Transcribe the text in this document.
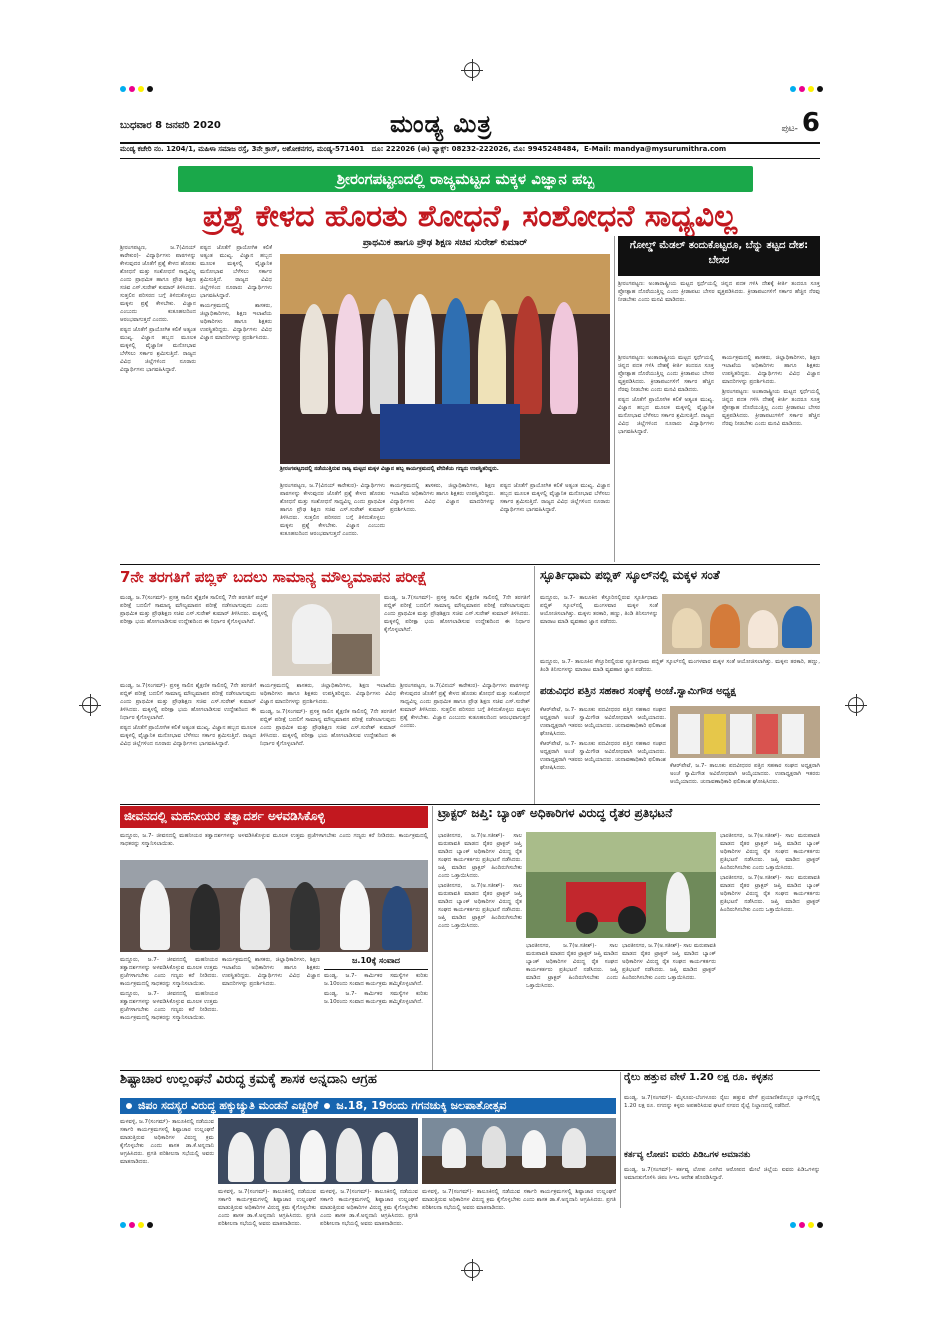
ಬುಧವಾರ 8 ಜನವರಿ 2020	ಮಂಡ್ಯ ಮಿತ್ರ	ಪುಟ- 6
ಮಂಡ್ಯ ಕಚೇರಿ ನಂ. 1204/1, ಮಹಿಳಾ ಸಮಾಜ ರಸ್ತೆ, 3ನೇ ಕ್ರಾಸ್, ಅಶೋಕನಗರ, ಮಂಡ್ಯ-571401 ದೂ: 222026 (ಈ) ಫ್ಯಾಕ್ಸ್: 08232-222026, ಮೊ: 9945248484, E-Mail: mandya@mysurumithra.com
ಶ್ರೀರಂಗಪಟ್ಟಣದಲ್ಲಿ ರಾಜ್ಯಮಟ್ಟದ ಮಕ್ಕಳ ವಿಜ್ಞಾನ ಹಬ್ಬ
ಪ್ರಶ್ನೆ ಕೇಳದ ಹೊರತು ಶೋಧನೆ, ಸಂಶೋಧನೆ ಸಾಧ್ಯವಿಲ್ಲ

ಶ್ರೀರಂಗಪಟ್ಟಣ, ಜ.7(ವಿನಯ್ ಕಾರೇಕುರ)- ವಿದ್ಯಾರ್ಥಿಗಳು ಪಾಠಗಳನ್ನು ಕೇಳುವುದರ ಜೊತೆಗೆ ಪ್ರಶ್ನೆ ಕೇಳದ ಹೊರತು ಶೋಧನೆ ಮತ್ತು ಸಂಶೋಧನೆ ಸಾಧ್ಯವಿಲ್ಲ ಎಂದು ಪ್ರಾಥಮಿಕ ಹಾಗೂ ಪ್ರೌಢ ಶಿಕ್ಷಣ ಸಚಿವ ಎಸ್.ಸುರೇಶ್ ಕುಮಾರ್ ತಿಳಿಸಿದರು. ಸುತ್ತಲಿನ ಪರಿಸರದ ಬಗ್ಗೆ ತಿಳಿದುಕೊಳ್ಳಲು ಮಕ್ಕಳು ಪ್ರಶ್ನೆ ಕೇಳಬೇಕು. ವಿಜ್ಞಾನ ಎಂಬುದು ಕುತೂಹಲದಿಂದ ಆರಂಭವಾಗುತ್ತದೆ ಎಂದರು.

ಪಠ್ಯದ ಜೊತೆಗೆ ಪ್ರಾಯೋಗಿಕ ಕಲಿಕೆ ಅತ್ಯಂತ ಮುಖ್ಯ. ವಿಜ್ಞಾನ ಹಬ್ಬದ ಮೂಲಕ ಮಕ್ಕಳಲ್ಲಿ ವೈಜ್ಞಾನಿಕ ಮನೋಭಾವ ಬೆಳೆಸಲು ಸರ್ಕಾರ ಶ್ರಮಿಸುತ್ತಿದೆ. ರಾಜ್ಯದ ವಿವಿಧ ಜಿಲ್ಲೆಗಳಿಂದ ನೂರಾರು ವಿದ್ಯಾರ್ಥಿಗಳು ಭಾಗವಹಿಸಿದ್ದಾರೆ.

ಪಠ್ಯದ ಜೊತೆಗೆ ಪ್ರಾಯೋಗಿಕ ಕಲಿಕೆ ಅತ್ಯಂತ ಮುಖ್ಯ. ವಿಜ್ಞಾನ ಹಬ್ಬದ ಮೂಲಕ ಮಕ್ಕಳಲ್ಲಿ ವೈಜ್ಞಾನಿಕ ಮನೋಭಾವ ಬೆಳೆಸಲು ಸರ್ಕಾರ ಶ್ರಮಿಸುತ್ತಿದೆ. ರಾಜ್ಯದ ವಿವಿಧ ಜಿಲ್ಲೆಗಳಿಂದ ನೂರಾರು ವಿದ್ಯಾರ್ಥಿಗಳು ಭಾಗವಹಿಸಿದ್ದಾರೆ.

ಕಾರ್ಯಕ್ರಮದಲ್ಲಿ ಶಾಸಕರು, ಜಿಲ್ಲಾಧಿಕಾರಿಗಳು, ಶಿಕ್ಷಣ ಇಲಾಖೆಯ ಅಧಿಕಾರಿಗಳು ಹಾಗೂ ಶಿಕ್ಷಕರು ಉಪಸ್ಥಿತರಿದ್ದರು. ವಿದ್ಯಾರ್ಥಿಗಳು ವಿವಿಧ ವಿಜ್ಞಾನ ಮಾದರಿಗಳನ್ನು ಪ್ರದರ್ಶಿಸಿದರು.

ಪ್ರಾಥಮಿಕ ಹಾಗೂ ಪ್ರೌಢ ಶಿಕ್ಷಣ ಸಚಿವ ಸುರೇಶ್ ಕುಮಾರ್
ಶ್ರೀರಂಗಪಟ್ಟಣದಲ್ಲಿ ನಡೆಯುತ್ತಿರುವ ರಾಜ್ಯ ಮಟ್ಟದ ಮಕ್ಕಳ ವಿಜ್ಞಾನ ಹಬ್ಬ ಕಾರ್ಯಕ್ರಮದಲ್ಲಿ ವೇದಿಕೆಯ ಗಣ್ಯರು ಉಪಸ್ಥಿತರಿದ್ದರು.

ಶ್ರೀರಂಗಪಟ್ಟಣ, ಜ.7(ವಿನಯ್ ಕಾರೇಕುರ)- ವಿದ್ಯಾರ್ಥಿಗಳು ಪಾಠಗಳನ್ನು ಕೇಳುವುದರ ಜೊತೆಗೆ ಪ್ರಶ್ನೆ ಕೇಳದ ಹೊರತು ಶೋಧನೆ ಮತ್ತು ಸಂಶೋಧನೆ ಸಾಧ್ಯವಿಲ್ಲ ಎಂದು ಪ್ರಾಥಮಿಕ ಹಾಗೂ ಪ್ರೌಢ ಶಿಕ್ಷಣ ಸಚಿವ ಎಸ್.ಸುರೇಶ್ ಕುಮಾರ್ ತಿಳಿಸಿದರು. ಸುತ್ತಲಿನ ಪರಿಸರದ ಬಗ್ಗೆ ತಿಳಿದುಕೊಳ್ಳಲು ಮಕ್ಕಳು ಪ್ರಶ್ನೆ ಕೇಳಬೇಕು. ವಿಜ್ಞಾನ ಎಂಬುದು ಕುತೂಹಲದಿಂದ ಆರಂಭವಾಗುತ್ತದೆ ಎಂದರು.

ಕಾರ್ಯಕ್ರಮದಲ್ಲಿ ಶಾಸಕರು, ಜಿಲ್ಲಾಧಿಕಾರಿಗಳು, ಶಿಕ್ಷಣ ಇಲಾಖೆಯ ಅಧಿಕಾರಿಗಳು ಹಾಗೂ ಶಿಕ್ಷಕರು ಉಪಸ್ಥಿತರಿದ್ದರು. ವಿದ್ಯಾರ್ಥಿಗಳು ವಿವಿಧ ವಿಜ್ಞಾನ ಮಾದರಿಗಳನ್ನು ಪ್ರದರ್ಶಿಸಿದರು.

ಪಠ್ಯದ ಜೊತೆಗೆ ಪ್ರಾಯೋಗಿಕ ಕಲಿಕೆ ಅತ್ಯಂತ ಮುಖ್ಯ. ವಿಜ್ಞಾನ ಹಬ್ಬದ ಮೂಲಕ ಮಕ್ಕಳಲ್ಲಿ ವೈಜ್ಞಾನಿಕ ಮನೋಭಾವ ಬೆಳೆಸಲು ಸರ್ಕಾರ ಶ್ರಮಿಸುತ್ತಿದೆ. ರಾಜ್ಯದ ವಿವಿಧ ಜಿಲ್ಲೆಗಳಿಂದ ನೂರಾರು ವಿದ್ಯಾರ್ಥಿಗಳು ಭಾಗವಹಿಸಿದ್ದಾರೆ.

ಗೋಲ್ಡ್ ಮೆಡಲ್ ತಂದುಕೊಟ್ಟರೂ, ಬೆನ್ನು ತಟ್ಟದ ದೇಶ: ಬೇಸರ

ಶ್ರೀರಂಗಪಟ್ಟಣ: ಅಂತಾರಾಷ್ಟ್ರೀಯ ಮಟ್ಟದ ಸ್ಪರ್ಧೆಯಲ್ಲಿ ಚಿನ್ನದ ಪದಕ ಗಳಿಸಿ ದೇಶಕ್ಕೆ ಕೀರ್ತಿ ತಂದರೂ ಸೂಕ್ತ ಪ್ರೋತ್ಸಾಹ ದೊರೆಯುತ್ತಿಲ್ಲ ಎಂದು ಕ್ರೀಡಾಪಟು ಬೇಸರ ವ್ಯಕ್ತಪಡಿಸಿದರು. ಕ್ರೀಡಾಪಟುಗಳಿಗೆ ಸರ್ಕಾರ ಹೆಚ್ಚಿನ ನೆರವು ನೀಡಬೇಕು ಎಂದು ಮನವಿ ಮಾಡಿದರು.

ಶ್ರೀರಂಗಪಟ್ಟಣ: ಅಂತಾರಾಷ್ಟ್ರೀಯ ಮಟ್ಟದ ಸ್ಪರ್ಧೆಯಲ್ಲಿ ಚಿನ್ನದ ಪದಕ ಗಳಿಸಿ ದೇಶಕ್ಕೆ ಕೀರ್ತಿ ತಂದರೂ ಸೂಕ್ತ ಪ್ರೋತ್ಸಾಹ ದೊರೆಯುತ್ತಿಲ್ಲ ಎಂದು ಕ್ರೀಡಾಪಟು ಬೇಸರ ವ್ಯಕ್ತಪಡಿಸಿದರು. ಕ್ರೀಡಾಪಟುಗಳಿಗೆ ಸರ್ಕಾರ ಹೆಚ್ಚಿನ ನೆರವು ನೀಡಬೇಕು ಎಂದು ಮನವಿ ಮಾಡಿದರು.

ಪಠ್ಯದ ಜೊತೆಗೆ ಪ್ರಾಯೋಗಿಕ ಕಲಿಕೆ ಅತ್ಯಂತ ಮುಖ್ಯ. ವಿಜ್ಞಾನ ಹಬ್ಬದ ಮೂಲಕ ಮಕ್ಕಳಲ್ಲಿ ವೈಜ್ಞಾನಿಕ ಮನೋಭಾವ ಬೆಳೆಸಲು ಸರ್ಕಾರ ಶ್ರಮಿಸುತ್ತಿದೆ. ರಾಜ್ಯದ ವಿವಿಧ ಜಿಲ್ಲೆಗಳಿಂದ ನೂರಾರು ವಿದ್ಯಾರ್ಥಿಗಳು ಭಾಗವಹಿಸಿದ್ದಾರೆ.

ಕಾರ್ಯಕ್ರಮದಲ್ಲಿ ಶಾಸಕರು, ಜಿಲ್ಲಾಧಿಕಾರಿಗಳು, ಶಿಕ್ಷಣ ಇಲಾಖೆಯ ಅಧಿಕಾರಿಗಳು ಹಾಗೂ ಶಿಕ್ಷಕರು ಉಪಸ್ಥಿತರಿದ್ದರು. ವಿದ್ಯಾರ್ಥಿಗಳು ವಿವಿಧ ವಿಜ್ಞಾನ ಮಾದರಿಗಳನ್ನು ಪ್ರದರ್ಶಿಸಿದರು.

ಶ್ರೀರಂಗಪಟ್ಟಣ: ಅಂತಾರಾಷ್ಟ್ರೀಯ ಮಟ್ಟದ ಸ್ಪರ್ಧೆಯಲ್ಲಿ ಚಿನ್ನದ ಪದಕ ಗಳಿಸಿ ದೇಶಕ್ಕೆ ಕೀರ್ತಿ ತಂದರೂ ಸೂಕ್ತ ಪ್ರೋತ್ಸಾಹ ದೊರೆಯುತ್ತಿಲ್ಲ ಎಂದು ಕ್ರೀಡಾಪಟು ಬೇಸರ ವ್ಯಕ್ತಪಡಿಸಿದರು. ಕ್ರೀಡಾಪಟುಗಳಿಗೆ ಸರ್ಕಾರ ಹೆಚ್ಚಿನ ನೆರವು ನೀಡಬೇಕು ಎಂದು ಮನವಿ ಮಾಡಿದರು.

7ನೇ ತರಗತಿಗೆ ಪಬ್ಲಿಕ್ ಬದಲು ಸಾಮಾನ್ಯ ಮೌಲ್ಯಮಾಪನ ಪರೀಕ್ಷೆ

ಮಂಡ್ಯ, ಜ.7(ಸಂಗಮ್)- ಪ್ರಸಕ್ತ ಸಾಲಿನ ಶೈಕ್ಷಣಿಕ ಸಾಲಿನಲ್ಲಿ 7ನೇ ತರಗತಿಗೆ ಪಬ್ಲಿಕ್ ಪರೀಕ್ಷೆ ಬದಲಿಗೆ ಸಾಮಾನ್ಯ ಮೌಲ್ಯಮಾಪನ ಪರೀಕ್ಷೆ ನಡೆಸಲಾಗುವುದು ಎಂದು ಪ್ರಾಥಮಿಕ ಮತ್ತು ಪ್ರೌಢಶಿಕ್ಷಣ ಸಚಿವ ಎಸ್.ಸುರೇಶ್ ಕುಮಾರ್ ತಿಳಿಸಿದರು. ಮಕ್ಕಳಲ್ಲಿ ಪರೀಕ್ಷಾ ಭಯ ಹೋಗಲಾಡಿಸುವ ಉದ್ದೇಶದಿಂದ ಈ ನಿರ್ಧಾರ ಕೈಗೊಳ್ಳಲಾಗಿದೆ.

ಮಂಡ್ಯ, ಜ.7(ಸಂಗಮ್)- ಪ್ರಸಕ್ತ ಸಾಲಿನ ಶೈಕ್ಷಣಿಕ ಸಾಲಿನಲ್ಲಿ 7ನೇ ತರಗತಿಗೆ ಪಬ್ಲಿಕ್ ಪರೀಕ್ಷೆ ಬದಲಿಗೆ ಸಾಮಾನ್ಯ ಮೌಲ್ಯಮಾಪನ ಪರೀಕ್ಷೆ ನಡೆಸಲಾಗುವುದು ಎಂದು ಪ್ರಾಥಮಿಕ ಮತ್ತು ಪ್ರೌಢಶಿಕ್ಷಣ ಸಚಿವ ಎಸ್.ಸುರೇಶ್ ಕುಮಾರ್ ತಿಳಿಸಿದರು. ಮಕ್ಕಳಲ್ಲಿ ಪರೀಕ್ಷಾ ಭಯ ಹೋಗಲಾಡಿಸುವ ಉದ್ದೇಶದಿಂದ ಈ ನಿರ್ಧಾರ ಕೈಗೊಳ್ಳಲಾಗಿದೆ.

ಮಂಡ್ಯ, ಜ.7(ಸಂಗಮ್)- ಪ್ರಸಕ್ತ ಸಾಲಿನ ಶೈಕ್ಷಣಿಕ ಸಾಲಿನಲ್ಲಿ 7ನೇ ತರಗತಿಗೆ ಪಬ್ಲಿಕ್ ಪರೀಕ್ಷೆ ಬದಲಿಗೆ ಸಾಮಾನ್ಯ ಮೌಲ್ಯಮಾಪನ ಪರೀಕ್ಷೆ ನಡೆಸಲಾಗುವುದು ಎಂದು ಪ್ರಾಥಮಿಕ ಮತ್ತು ಪ್ರೌಢಶಿಕ್ಷಣ ಸಚಿವ ಎಸ್.ಸುರೇಶ್ ಕುಮಾರ್ ತಿಳಿಸಿದರು. ಮಕ್ಕಳಲ್ಲಿ ಪರೀಕ್ಷಾ ಭಯ ಹೋಗಲಾಡಿಸುವ ಉದ್ದೇಶದಿಂದ ಈ ನಿರ್ಧಾರ ಕೈಗೊಳ್ಳಲಾಗಿದೆ.

ಪಠ್ಯದ ಜೊತೆಗೆ ಪ್ರಾಯೋಗಿಕ ಕಲಿಕೆ ಅತ್ಯಂತ ಮುಖ್ಯ. ವಿಜ್ಞಾನ ಹಬ್ಬದ ಮೂಲಕ ಮಕ್ಕಳಲ್ಲಿ ವೈಜ್ಞಾನಿಕ ಮನೋಭಾವ ಬೆಳೆಸಲು ಸರ್ಕಾರ ಶ್ರಮಿಸುತ್ತಿದೆ. ರಾಜ್ಯದ ವಿವಿಧ ಜಿಲ್ಲೆಗಳಿಂದ ನೂರಾರು ವಿದ್ಯಾರ್ಥಿಗಳು ಭಾಗವಹಿಸಿದ್ದಾರೆ.

ಕಾರ್ಯಕ್ರಮದಲ್ಲಿ ಶಾಸಕರು, ಜಿಲ್ಲಾಧಿಕಾರಿಗಳು, ಶಿಕ್ಷಣ ಇಲಾಖೆಯ ಅಧಿಕಾರಿಗಳು ಹಾಗೂ ಶಿಕ್ಷಕರು ಉಪಸ್ಥಿತರಿದ್ದರು. ವಿದ್ಯಾರ್ಥಿಗಳು ವಿವಿಧ ವಿಜ್ಞಾನ ಮಾದರಿಗಳನ್ನು ಪ್ರದರ್ಶಿಸಿದರು.

ಮಂಡ್ಯ, ಜ.7(ಸಂಗಮ್)- ಪ್ರಸಕ್ತ ಸಾಲಿನ ಶೈಕ್ಷಣಿಕ ಸಾಲಿನಲ್ಲಿ 7ನೇ ತರಗತಿಗೆ ಪಬ್ಲಿಕ್ ಪರೀಕ್ಷೆ ಬದಲಿಗೆ ಸಾಮಾನ್ಯ ಮೌಲ್ಯಮಾಪನ ಪರೀಕ್ಷೆ ನಡೆಸಲಾಗುವುದು ಎಂದು ಪ್ರಾಥಮಿಕ ಮತ್ತು ಪ್ರೌಢಶಿಕ್ಷಣ ಸಚಿವ ಎಸ್.ಸುರೇಶ್ ಕುಮಾರ್ ತಿಳಿಸಿದರು. ಮಕ್ಕಳಲ್ಲಿ ಪರೀಕ್ಷಾ ಭಯ ಹೋಗಲಾಡಿಸುವ ಉದ್ದೇಶದಿಂದ ಈ ನಿರ್ಧಾರ ಕೈಗೊಳ್ಳಲಾಗಿದೆ.

ಶ್ರೀರಂಗಪಟ್ಟಣ, ಜ.7(ವಿನಯ್ ಕಾರೇಕುರ)- ವಿದ್ಯಾರ್ಥಿಗಳು ಪಾಠಗಳನ್ನು ಕೇಳುವುದರ ಜೊತೆಗೆ ಪ್ರಶ್ನೆ ಕೇಳದ ಹೊರತು ಶೋಧನೆ ಮತ್ತು ಸಂಶೋಧನೆ ಸಾಧ್ಯವಿಲ್ಲ ಎಂದು ಪ್ರಾಥಮಿಕ ಹಾಗೂ ಪ್ರೌಢ ಶಿಕ್ಷಣ ಸಚಿವ ಎಸ್.ಸುರೇಶ್ ಕುಮಾರ್ ತಿಳಿಸಿದರು. ಸುತ್ತಲಿನ ಪರಿಸರದ ಬಗ್ಗೆ ತಿಳಿದುಕೊಳ್ಳಲು ಮಕ್ಕಳು ಪ್ರಶ್ನೆ ಕೇಳಬೇಕು. ವಿಜ್ಞಾನ ಎಂಬುದು ಕುತೂಹಲದಿಂದ ಆರಂಭವಾಗುತ್ತದೆ ಎಂದರು.

ಸ್ಫೂರ್ತಿಧಾಮ ಪಬ್ಲಿಕ್ ಸ್ಕೂಲ್‌ನಲ್ಲಿ ಮಕ್ಕಳ ಸಂತೆ

ಮದ್ದೂರು, ಜ.7- ತಾಲೂಕಿನ ಕೆಸ್ತೂರಿನಲ್ಲಿರುವ ಸ್ಫೂರ್ತಿಧಾಮ ಪಬ್ಲಿಕ್ ಸ್ಕೂಲ್‌ನಲ್ಲಿ ಮಂಗಳವಾರ ಮಕ್ಕಳ ಸಂತೆ ಆಯೋಜಿಸಲಾಗಿತ್ತು. ಮಕ್ಕಳು ತರಕಾರಿ, ಹಣ್ಣು, ತಿಂಡಿ ತಿನಿಸುಗಳನ್ನು ಮಾರಾಟ ಮಾಡಿ ವ್ಯವಹಾರ ಜ್ಞಾನ ಪಡೆದರು.

ಮದ್ದೂರು, ಜ.7- ತಾಲೂಕಿನ ಕೆಸ್ತೂರಿನಲ್ಲಿರುವ ಸ್ಫೂರ್ತಿಧಾಮ ಪಬ್ಲಿಕ್ ಸ್ಕೂಲ್‌ನಲ್ಲಿ ಮಂಗಳವಾರ ಮಕ್ಕಳ ಸಂತೆ ಆಯೋಜಿಸಲಾಗಿತ್ತು. ಮಕ್ಕಳು ತರಕಾರಿ, ಹಣ್ಣು, ತಿಂಡಿ ತಿನಿಸುಗಳನ್ನು ಮಾರಾಟ ಮಾಡಿ ವ್ಯವಹಾರ ಜ್ಞಾನ ಪಡೆದರು.

ಪಡುವಿಧರ ಪತ್ತಿನ ಸಹಕಾರ ಸಂಘಕ್ಕೆ ಅಂಚೆ.ಸ್ವಾಮಿಗೌಡ ಅಧ್ಯಕ್ಷ

ಕೆಆರ್‌ಪೇಟೆ, ಜ.7- ತಾಲೂಕು ಪದವೀಧರರ ಪತ್ತಿನ ಸಹಕಾರ ಸಂಘದ ಅಧ್ಯಕ್ಷರಾಗಿ ಅಂಚೆ ಸ್ವಾಮಿಗೌಡ ಅವಿರೋಧವಾಗಿ ಆಯ್ಕೆಯಾದರು. ಉಪಾಧ್ಯಕ್ಷರಾಗಿ ಇತರರು ಆಯ್ಕೆಯಾದರು. ಚುನಾವಣಾಧಿಕಾರಿ ಫಲಿತಾಂಶ ಘೋಷಿಸಿದರು.

ಕೆಆರ್‌ಪೇಟೆ, ಜ.7- ತಾಲೂಕು ಪದವೀಧರರ ಪತ್ತಿನ ಸಹಕಾರ ಸಂಘದ ಅಧ್ಯಕ್ಷರಾಗಿ ಅಂಚೆ ಸ್ವಾಮಿಗೌಡ ಅವಿರೋಧವಾಗಿ ಆಯ್ಕೆಯಾದರು. ಉಪಾಧ್ಯಕ್ಷರಾಗಿ ಇತರರು ಆಯ್ಕೆಯಾದರು. ಚುನಾವಣಾಧಿಕಾರಿ ಫಲಿತಾಂಶ ಘೋಷಿಸಿದರು.	ಕೆಆರ್‌ಪೇಟೆ, ಜ.7- ತಾಲೂಕು ಪದವೀಧರರ ಪತ್ತಿನ ಸಹಕಾರ ಸಂಘದ ಅಧ್ಯಕ್ಷರಾಗಿ ಅಂಚೆ ಸ್ವಾಮಿಗೌಡ ಅವಿರೋಧವಾಗಿ ಆಯ್ಕೆಯಾದರು. ಉಪಾಧ್ಯಕ್ಷರಾಗಿ ಇತರರು ಆಯ್ಕೆಯಾದರು. ಚುನಾವಣಾಧಿಕಾರಿ ಫಲಿತಾಂಶ ಘೋಷಿಸಿದರು.

ಜೀವನದಲ್ಲಿ ಮಹನೀಯರ ತತ್ವಾದರ್ಶ ಅಳವಡಿಸಿಕೊಳ್ಳಿ

ಮದ್ದೂರು, ಜ.7- ಜೀವನದಲ್ಲಿ ಮಹನೀಯರ ತತ್ವಾದರ್ಶಗಳನ್ನು ಅಳವಡಿಸಿಕೊಳ್ಳುವ ಮೂಲಕ ಉತ್ತಮ ಪ್ರಜೆಗಳಾಗಬೇಕು ಎಂದು ಗಣ್ಯರು ಕರೆ ನೀಡಿದರು. ಕಾರ್ಯಕ್ರಮದಲ್ಲಿ ಸಾಧಕರನ್ನು ಸನ್ಮಾನಿಸಲಾಯಿತು.

ಮದ್ದೂರು, ಜ.7- ಜೀವನದಲ್ಲಿ ಮಹನೀಯರ ತತ್ವಾದರ್ಶಗಳನ್ನು ಅಳವಡಿಸಿಕೊಳ್ಳುವ ಮೂಲಕ ಉತ್ತಮ ಪ್ರಜೆಗಳಾಗಬೇಕು ಎಂದು ಗಣ್ಯರು ಕರೆ ನೀಡಿದರು. ಕಾರ್ಯಕ್ರಮದಲ್ಲಿ ಸಾಧಕರನ್ನು ಸನ್ಮಾನಿಸಲಾಯಿತು.

ಮದ್ದೂರು, ಜ.7- ಜೀವನದಲ್ಲಿ ಮಹನೀಯರ ತತ್ವಾದರ್ಶಗಳನ್ನು ಅಳವಡಿಸಿಕೊಳ್ಳುವ ಮೂಲಕ ಉತ್ತಮ ಪ್ರಜೆಗಳಾಗಬೇಕು ಎಂದು ಗಣ್ಯರು ಕರೆ ನೀಡಿದರು. ಕಾರ್ಯಕ್ರಮದಲ್ಲಿ ಸಾಧಕರನ್ನು ಸನ್ಮಾನಿಸಲಾಯಿತು.

ಕಾರ್ಯಕ್ರಮದಲ್ಲಿ ಶಾಸಕರು, ಜಿಲ್ಲಾಧಿಕಾರಿಗಳು, ಶಿಕ್ಷಣ ಇಲಾಖೆಯ ಅಧಿಕಾರಿಗಳು ಹಾಗೂ ಶಿಕ್ಷಕರು ಉಪಸ್ಥಿತರಿದ್ದರು. ವಿದ್ಯಾರ್ಥಿಗಳು ವಿವಿಧ ವಿಜ್ಞಾನ ಮಾದರಿಗಳನ್ನು ಪ್ರದರ್ಶಿಸಿದರು.

ಜ.10ಕ್ಕೆ ಸಂವಾದ

ಮಂಡ್ಯ, ಜ.7- ಕಾರ್ಮಿಕರ ಸಮಸ್ಯೆಗಳ ಕುರಿತು ಜ.10ರಂದು ಸಂವಾದ ಕಾರ್ಯಕ್ರಮ ಹಮ್ಮಿಕೊಳ್ಳಲಾಗಿದೆ.

ಮಂಡ್ಯ, ಜ.7- ಕಾರ್ಮಿಕರ ಸಮಸ್ಯೆಗಳ ಕುರಿತು ಜ.10ರಂದು ಸಂವಾದ ಕಾರ್ಯಕ್ರಮ ಹಮ್ಮಿಕೊಳ್ಳಲಾಗಿದೆ.

ಟ್ರಾಕ್ಟರ್ ಜಪ್ತಿ: ಬ್ಯಾಂಕ್ ಅಧಿಕಾರಿಗಳ ವಿರುದ್ಧ ರೈತರ ಪ್ರತಿಭಟನೆ

ಭಾರತೀನಗರ, ಜ.7(ಅ.ಸತೀಶ್)- ಸಾಲ ಮರುಪಾವತಿ ಮಾಡದ ರೈತರ ಟ್ರಾಕ್ಟರ್ ಜಪ್ತಿ ಮಾಡಿದ ಬ್ಯಾಂಕ್ ಅಧಿಕಾರಿಗಳ ವಿರುದ್ಧ ರೈತ ಸಂಘದ ಕಾರ್ಯಕರ್ತರು ಪ್ರತಿಭಟನೆ ನಡೆಸಿದರು. ಜಪ್ತಿ ಮಾಡಿದ ಟ್ರಾಕ್ಟರ್ ಹಿಂದಿರುಗಿಸಬೇಕು ಎಂದು ಒತ್ತಾಯಿಸಿದರು.

ಭಾರತೀನಗರ, ಜ.7(ಅ.ಸತೀಶ್)- ಸಾಲ ಮರುಪಾವತಿ ಮಾಡದ ರೈತರ ಟ್ರಾಕ್ಟರ್ ಜಪ್ತಿ ಮಾಡಿದ ಬ್ಯಾಂಕ್ ಅಧಿಕಾರಿಗಳ ವಿರುದ್ಧ ರೈತ ಸಂಘದ ಕಾರ್ಯಕರ್ತರು ಪ್ರತಿಭಟನೆ ನಡೆಸಿದರು. ಜಪ್ತಿ ಮಾಡಿದ ಟ್ರಾಕ್ಟರ್ ಹಿಂದಿರುಗಿಸಬೇಕು ಎಂದು ಒತ್ತಾಯಿಸಿದರು.

ಭಾರತೀನಗರ, ಜ.7(ಅ.ಸತೀಶ್)- ಸಾಲ ಮರುಪಾವತಿ ಮಾಡದ ರೈತರ ಟ್ರಾಕ್ಟರ್ ಜಪ್ತಿ ಮಾಡಿದ ಬ್ಯಾಂಕ್ ಅಧಿಕಾರಿಗಳ ವಿರುದ್ಧ ರೈತ ಸಂಘದ ಕಾರ್ಯಕರ್ತರು ಪ್ರತಿಭಟನೆ ನಡೆಸಿದರು. ಜಪ್ತಿ ಮಾಡಿದ ಟ್ರಾಕ್ಟರ್ ಹಿಂದಿರುಗಿಸಬೇಕು ಎಂದು ಒತ್ತಾಯಿಸಿದರು.

ಭಾರತೀನಗರ, ಜ.7(ಅ.ಸತೀಶ್)- ಸಾಲ ಮರುಪಾವತಿ ಮಾಡದ ರೈತರ ಟ್ರಾಕ್ಟರ್ ಜಪ್ತಿ ಮಾಡಿದ ಬ್ಯಾಂಕ್ ಅಧಿಕಾರಿಗಳ ವಿರುದ್ಧ ರೈತ ಸಂಘದ ಕಾರ್ಯಕರ್ತರು ಪ್ರತಿಭಟನೆ ನಡೆಸಿದರು. ಜಪ್ತಿ ಮಾಡಿದ ಟ್ರಾಕ್ಟರ್ ಹಿಂದಿರುಗಿಸಬೇಕು ಎಂದು ಒತ್ತಾಯಿಸಿದರು.

ಭಾರತೀನಗರ, ಜ.7(ಅ.ಸತೀಶ್)- ಸಾಲ ಮರುಪಾವತಿ ಮಾಡದ ರೈತರ ಟ್ರಾಕ್ಟರ್ ಜಪ್ತಿ ಮಾಡಿದ ಬ್ಯಾಂಕ್ ಅಧಿಕಾರಿಗಳ ವಿರುದ್ಧ ರೈತ ಸಂಘದ ಕಾರ್ಯಕರ್ತರು ಪ್ರತಿಭಟನೆ ನಡೆಸಿದರು. ಜಪ್ತಿ ಮಾಡಿದ ಟ್ರಾಕ್ಟರ್ ಹಿಂದಿರುಗಿಸಬೇಕು ಎಂದು ಒತ್ತಾಯಿಸಿದರು.

ಭಾರತೀನಗರ, ಜ.7(ಅ.ಸತೀಶ್)- ಸಾಲ ಮರುಪಾವತಿ ಮಾಡದ ರೈತರ ಟ್ರಾಕ್ಟರ್ ಜಪ್ತಿ ಮಾಡಿದ ಬ್ಯಾಂಕ್ ಅಧಿಕಾರಿಗಳ ವಿರುದ್ಧ ರೈತ ಸಂಘದ ಕಾರ್ಯಕರ್ತರು ಪ್ರತಿಭಟನೆ ನಡೆಸಿದರು. ಜಪ್ತಿ ಮಾಡಿದ ಟ್ರಾಕ್ಟರ್ ಹಿಂದಿರುಗಿಸಬೇಕು ಎಂದು ಒತ್ತಾಯಿಸಿದರು.

ಶಿಷ್ಟಾಚಾರ ಉಲ್ಲಂಘನೆ ವಿರುದ್ಧ ಕ್ರಮಕ್ಕೆ ಶಾಸಕ ಅನ್ನದಾನಿ ಆಗ್ರಹ
ಜಿಪಂ ಸದಸ್ಯರ ವಿರುದ್ಧ ಹಕ್ಕುಚ್ಯುತಿ ಮಂಡನೆ ಎಚ್ಚರಿಕೆ ಜ.18, 19ರಂದು ಗಗನಚುಕ್ಕಿ ಜಲಪಾತೋತ್ಸವ

ಮಳವಳ್ಳಿ, ಜ.7(ಸಂಗಮ್)- ತಾಲೂಕಿನಲ್ಲಿ ನಡೆಯುವ ಸರ್ಕಾರಿ ಕಾರ್ಯಕ್ರಮಗಳಲ್ಲಿ ಶಿಷ್ಟಾಚಾರ ಉಲ್ಲಂಘನೆ ಮಾಡುತ್ತಿರುವ ಅಧಿಕಾರಿಗಳ ವಿರುದ್ಧ ಕ್ರಮ ಕೈಗೊಳ್ಳಬೇಕು ಎಂದು ಶಾಸಕ ಡಾ.ಕೆ.ಅನ್ನದಾನಿ ಆಗ್ರಹಿಸಿದರು. ಪ್ರಗತಿ ಪರಿಶೀಲನಾ ಸಭೆಯಲ್ಲಿ ಅವರು ಮಾತನಾಡಿದರು.

ಮಳವಳ್ಳಿ, ಜ.7(ಸಂಗಮ್)- ತಾಲೂಕಿನಲ್ಲಿ ನಡೆಯುವ ಸರ್ಕಾರಿ ಕಾರ್ಯಕ್ರಮಗಳಲ್ಲಿ ಶಿಷ್ಟಾಚಾರ ಉಲ್ಲಂಘನೆ ಮಾಡುತ್ತಿರುವ ಅಧಿಕಾರಿಗಳ ವಿರುದ್ಧ ಕ್ರಮ ಕೈಗೊಳ್ಳಬೇಕು ಎಂದು ಶಾಸಕ ಡಾ.ಕೆ.ಅನ್ನದಾನಿ ಆಗ್ರಹಿಸಿದರು. ಪ್ರಗತಿ ಪರಿಶೀಲನಾ ಸಭೆಯಲ್ಲಿ ಅವರು ಮಾತನಾಡಿದರು.

ಮಳವಳ್ಳಿ, ಜ.7(ಸಂಗಮ್)- ತಾಲೂಕಿನಲ್ಲಿ ನಡೆಯುವ ಸರ್ಕಾರಿ ಕಾರ್ಯಕ್ರಮಗಳಲ್ಲಿ ಶಿಷ್ಟಾಚಾರ ಉಲ್ಲಂಘನೆ ಮಾಡುತ್ತಿರುವ ಅಧಿಕಾರಿಗಳ ವಿರುದ್ಧ ಕ್ರಮ ಕೈಗೊಳ್ಳಬೇಕು ಎಂದು ಶಾಸಕ ಡಾ.ಕೆ.ಅನ್ನದಾನಿ ಆಗ್ರಹಿಸಿದರು. ಪ್ರಗತಿ ಪರಿಶೀಲನಾ ಸಭೆಯಲ್ಲಿ ಅವರು ಮಾತನಾಡಿದರು.

ಮಳವಳ್ಳಿ, ಜ.7(ಸಂಗಮ್)- ತಾಲೂಕಿನಲ್ಲಿ ನಡೆಯುವ ಸರ್ಕಾರಿ ಕಾರ್ಯಕ್ರಮಗಳಲ್ಲಿ ಶಿಷ್ಟಾಚಾರ ಉಲ್ಲಂಘನೆ ಮಾಡುತ್ತಿರುವ ಅಧಿಕಾರಿಗಳ ವಿರುದ್ಧ ಕ್ರಮ ಕೈಗೊಳ್ಳಬೇಕು ಎಂದು ಶಾಸಕ ಡಾ.ಕೆ.ಅನ್ನದಾನಿ ಆಗ್ರಹಿಸಿದರು. ಪ್ರಗತಿ ಪರಿಶೀಲನಾ ಸಭೆಯಲ್ಲಿ ಅವರು ಮಾತನಾಡಿದರು.

ರೈಲು ಹತ್ತುವ ವೇಳೆ 1.20 ಲಕ್ಷ ರೂ. ಕಳ್ಳತನ

ಮಂಡ್ಯ, ಜ.7(ಸಂಗಮ್)- ಮೈಸೂರು-ಬೆಂಗಳೂರು ರೈಲು ಹತ್ತುವ ವೇಳೆ ಪ್ರಯಾಣಿಕರೊಬ್ಬರ ಬ್ಯಾಗ್‌ನಲ್ಲಿದ್ದ 1.20 ಲಕ್ಷ ರೂ. ನಗದನ್ನು ಕಳ್ಳರು ಅಪಹರಿಸಿರುವ ಘಟನೆ ನಗರದ ರೈಲ್ವೆ ನಿಲ್ದಾಣದಲ್ಲಿ ನಡೆದಿದೆ.

ಕರ್ತವ್ಯ ಲೋಪ: ಐವರು ಪಿಡಿಒಗಳ ಅಮಾನತು

ಮಂಡ್ಯ, ಜ.7(ಸಂಗಮ್)- ಕರ್ತವ್ಯ ಲೋಪ ಎಸಗಿದ ಆರೋಪದ ಮೇಲೆ ಜಿಲ್ಲೆಯ ಐವರು ಪಿಡಿಒಗಳನ್ನು ಅಮಾನತುಗೊಳಿಸಿ ಜಿಪಂ ಸಿಇಒ ಆದೇಶ ಹೊರಡಿಸಿದ್ದಾರೆ.
